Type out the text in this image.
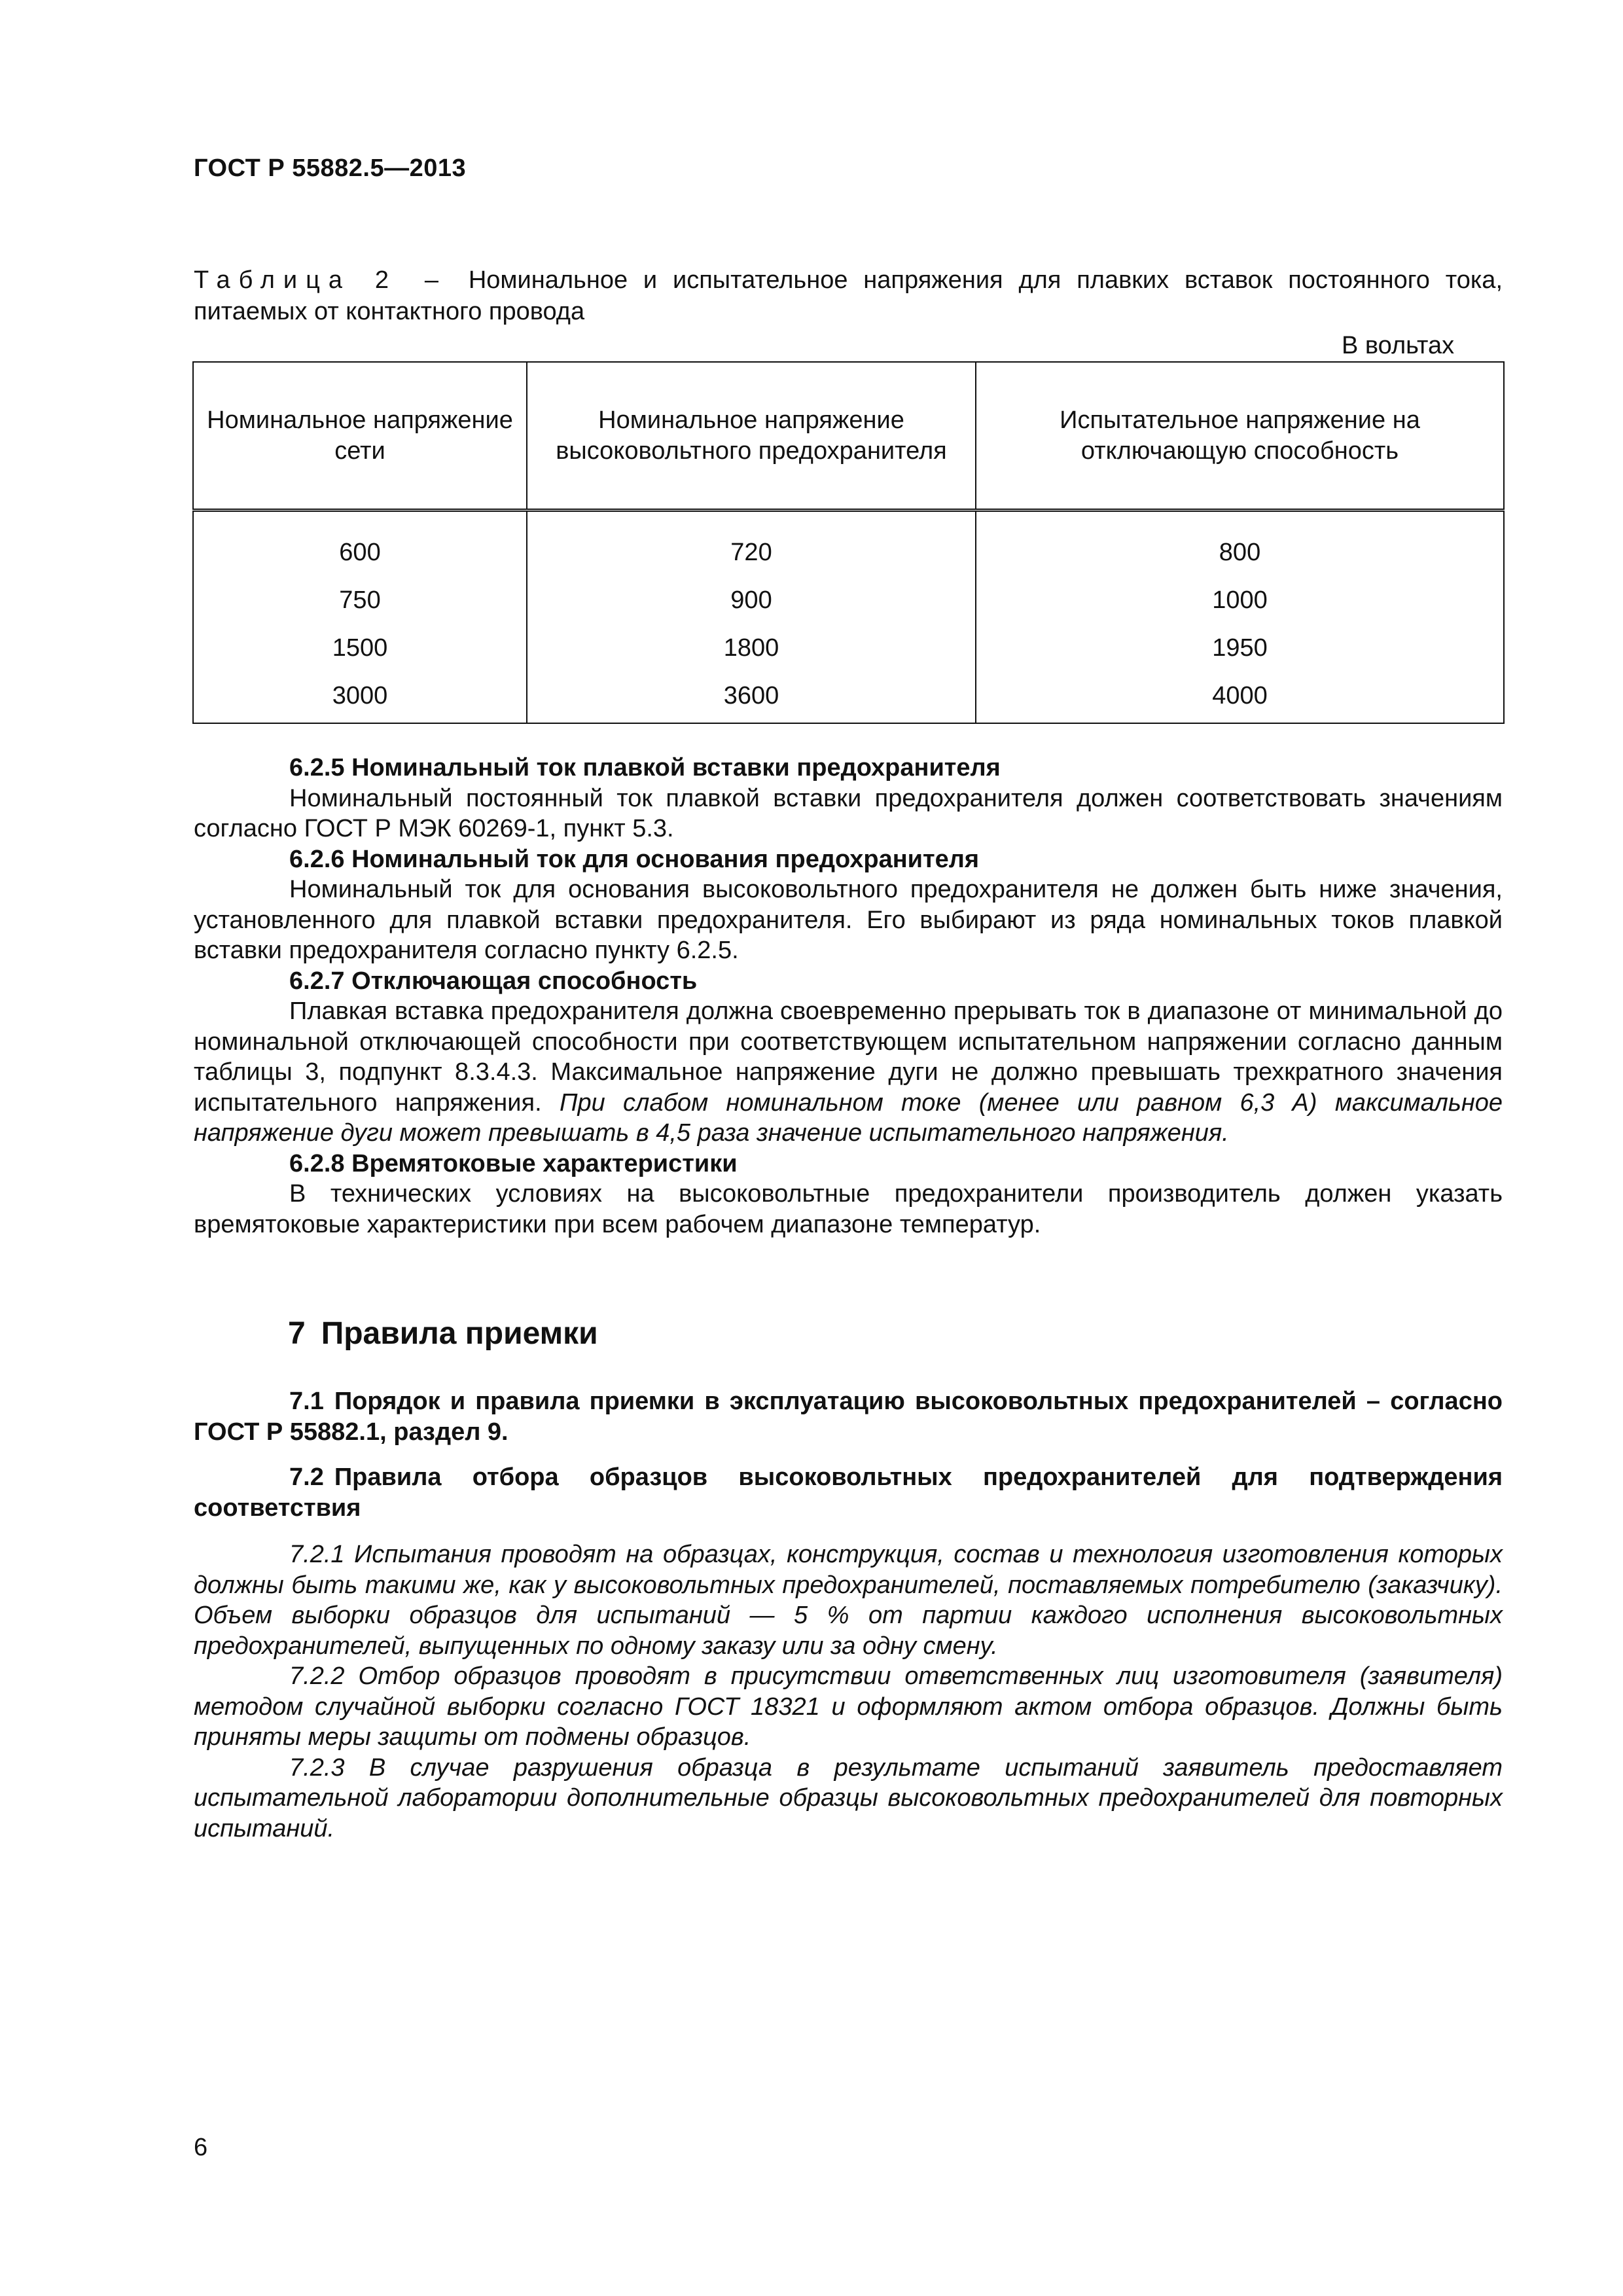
ГОСТ Р 55882.5—2013
Таблица 2 – Номинальное и испытательное напряжения для плавких вставок постоянного тока, питаемых от контактного провода
В вольтах
Номинальное напряжение сети	Номинальное напряжение высоковольтного предохранителя	Испытательное напряжение на отключающую способность
600	720	800
750	900	1000
1500	1800	1950
3000	3600	4000

6.2.5 Номинальный ток плавкой вставки предохранителя

Номинальный постоянный ток плавкой вставки предохранителя должен соответствовать значениям согласно ГОСТ Р МЭК 60269-1, пункт 5.3.

6.2.6 Номинальный ток для основания предохранителя

Номинальный ток для основания высоковольтного предохранителя не должен быть ниже значения, установленного для плавкой вставки предохранителя. Его выбирают из ряда номинальных токов плавкой вставки предохранителя согласно пункту 6.2.5.

6.2.7 Отключающая способность

Плавкая вставка предохранителя должна своевременно прерывать ток в диапазоне от минимальной до номинальной отключающей способности при соответствующем испытательном напряжении согласно данным таблицы 3, подпункт 8.3.4.3. Максимальное напряжение дуги не должно превышать трехкратного значения испытательного напряжения. При слабом номинальном токе (менее или равном 6,3 А) максимальное напряжение дуги может превышать в 4,5 раза значение испытательного напряжения.

6.2.8 Времятоковые характеристики

В технических условиях на высоковольтные предохранители производитель должен указать времятоковые характеристики при всем рабочем диапазоне температур.

7 Правила приемки

7.1 Порядок и правила приемки в эксплуатацию высоковольтных предохранителей – согласно ГОСТ Р 55882.1, раздел 9.

7.2 Правила отбора образцов высоковольтных предохранителей для подтверждения соответствия

7.2.1 Испытания проводят на образцах, конструкция, состав и технология изготовления которых должны быть такими же, как у высоковольтных предохранителей, поставляемых потребителю (заказчику). Объем выборки образцов для испытаний — 5 % от партии каждого исполнения высоковольтных предохранителей, выпущенных по одному заказу или за одну смену.

7.2.2 Отбор образцов проводят в присутствии ответственных лиц изготовителя (заявителя) методом случайной выборки согласно ГОСТ 18321 и оформляют актом отбора образцов. Должны быть приняты меры защиты от подмены образцов.

7.2.3 В случае разрушения образца в результате испытаний заявитель предоставляет испытательной лаборатории дополнительные образцы высоковольтных предохранителей для повторных испытаний.

6
